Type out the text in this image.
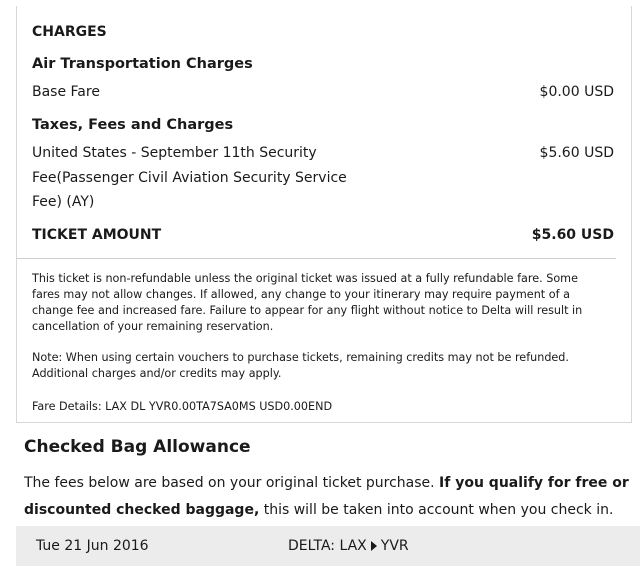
CHARGES
Air Transportation Charges
Base Fare	$0.00 USD
Taxes, Fees and Charges
United States - September 11th Security	$5.60 USD
Fee(Passenger Civil Aviation Security Service
Fee) (AY)
TICKET AMOUNT	$5.60 USD
This ticket is non-refundable unless the original ticket was issued at a fully refundable fare. Some fares may not allow changes. If allowed, any change to your itinerary may require payment of a change fee and increased fare. Failure to appear for any flight without notice to Delta will result in cancellation of your remaining reservation.
Note: When using certain vouchers to purchase tickets, remaining credits may not be refunded. Additional charges and/or credits may apply.
Fare Details: LAX DL YVR0.00TA7SA0MS USD0.00END
Checked Bag Allowance
The fees below are based on your original ticket purchase. If you qualify for free or discounted checked baggage, this will be taken into account when you check in.
Tue 21 Jun 2016	DELTA: LAX YVR
